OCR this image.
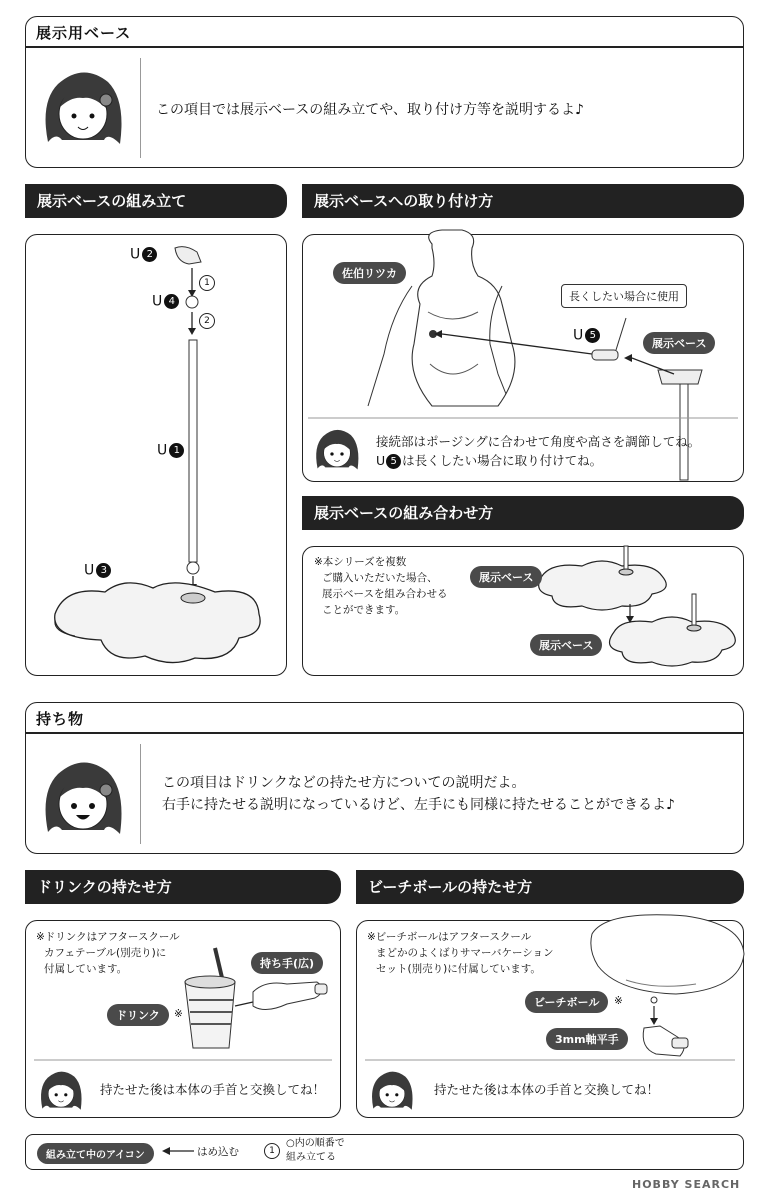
展示用ベース
この項目では展示ベースの組み立てや、取り付け方等を説明するよ♪
展示ベースの組み立て	展示ベースへの取り付け方
U 2
U 4
U 1
U 3
1
2
佐伯リツカ
長くしたい場合に使用
U 5
展示ベース
接続部はポージングに合わせて角度や高さを調節してね。
U 5 は長くしたい場合に取り付けてね。
展示ベースの組み合わせ方
※本シリーズを複数
ご購入いただいた場合、
展示ベースを組み合わせる
ことができます。
展示ベース
展示ベース
持ち物
この項目はドリンクなどの持たせ方についての説明だよ。
右手に持たせる説明になっているけど、左手にも同様に持たせることができるよ♪
ドリンクの持たせ方
※ドリンクはアフタースクール
カフェテーブル(別売り)に
付属しています。	持ち手(広)
ドリンク	※
持たせた後は本体の手首と交換してね！
ビーチボールの持たせ方
※ビーチボールはアフタースクール
まどかのよくばりサマーバケーション
セット(別売り)に付属しています。
ビーチボール	※
3mm軸平手
持たせた後は本体の手首と交換してね！
組み立て中のアイコン	はめ込む	1
○内の順番で
組み立てる
HOBBY SEARCH
